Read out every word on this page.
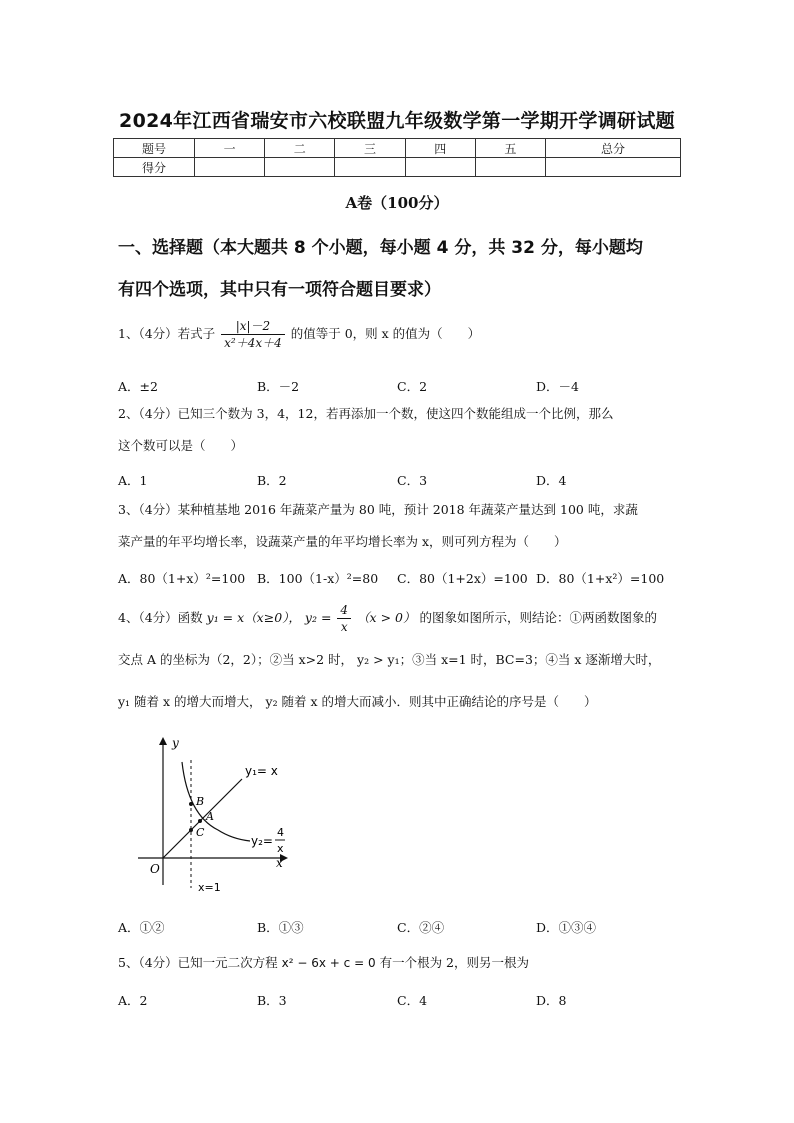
2024年江西省瑞安市六校联盟九年级数学第一学期开学调研试题
题号	一	二	三	四	五	总分
得分						
A卷（100分）
一、选择题（本大题共 8 个小题，每小题 4 分，共 32 分，每小题均
有四个选项，其中只有一项符合题目要求）
1、（4分）若式子 $\frac{|x|-2}{\text{x²＋4x＋4}}$ 的值等于 0，则 x 的值为（　　）
A．±2	B．－2	C．2	D．－4
2、（4分）已知三个数为 3，4，12，若再添加一个数，使这四个数能组成一个比例，那么
这个数可以是（　　）
A．1	B．2	C．3	D．4
3、（4分）某种植基地 2016 年蔬菜产量为 80 吨，预计 2018 年蔬菜产量达到 100 吨，求蔬
菜产量的年平均增长率，设蔬菜产量的年平均增长率为 x，则可列方程为（　　）
A．80（1+x）²=100 B．100（1-x）²=80 C．80（1+2x）=100 D．80（1+x²）=100
4、（4分）函数 y₁ = x（x≥0）， $y_2 = \frac{4}{x} (x > 0)$ 的图象如图所示，则结论：①两函数图象的
交点 A 的坐标为（2，2）；②当 x>2 时， y₂ > y₁；③当 x=1 时，BC=3；④当 x 逐渐增大时，
y₁ 随着 x 的增大而增大， y₂ 随着 x 的增大而减小．则其中正确结论的序号是（　　）
y
x
O
y₁= x
y₂=
4
x
B
A
C
x=1
A．①②	B．①③	C．②④	D．①③④
5、（4分）已知一元二次方程 x² − 6x + c = 0 有一个根为 2，则另一根为
A．2	B．3	C．4	D．8
